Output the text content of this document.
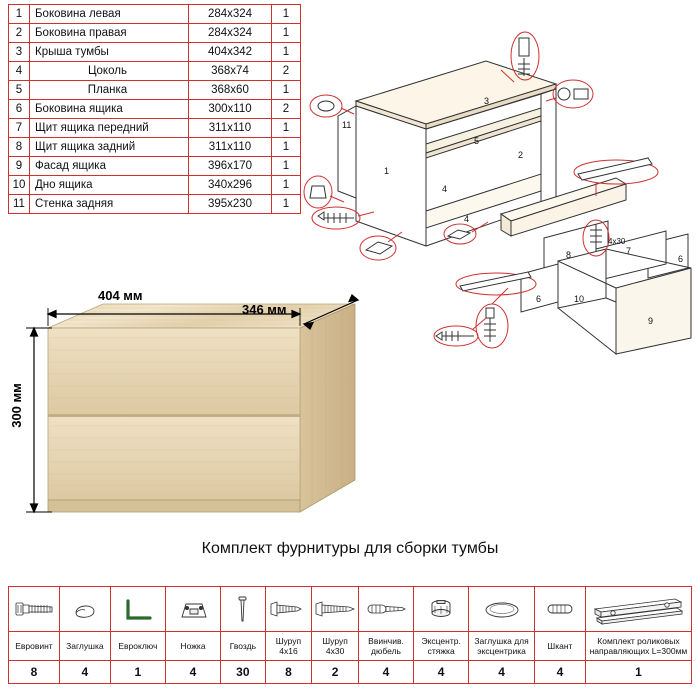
1	Боковина левая	284х324	1
2	Боковина правая	284х324	1
3	Крыша тумбы	404х342	1
4	Цоколь	368х74	2
5	Планка	368х60	1
6	Боковина ящика	300х110	2
7	Щит ящика передний	311х110	1
8	Щит ящика задний	311х110	1
9	Фасад ящика	396х170	1
10	Дно ящика	340х296	1
11	Стенка задняя	395х230	1
3
11
1
2
5
4
4
8	7
6
6
10
9
4х30
404 мм
346 мм
300 мм
Комплект фурнитуры для сборки тумбы

Евровинт	Заглушка	Евроключ	Ножка	Гвоздь	Шуруп 4х16	Шуруп 4х30	Ввинчив. дюбель	Эксцентр. стяжка	Заглушка для эксцентрика	Шкант	Комплект роликовых направляющих L=300мм
8	4	1	4	30	8	2	4	4	4	4	1
